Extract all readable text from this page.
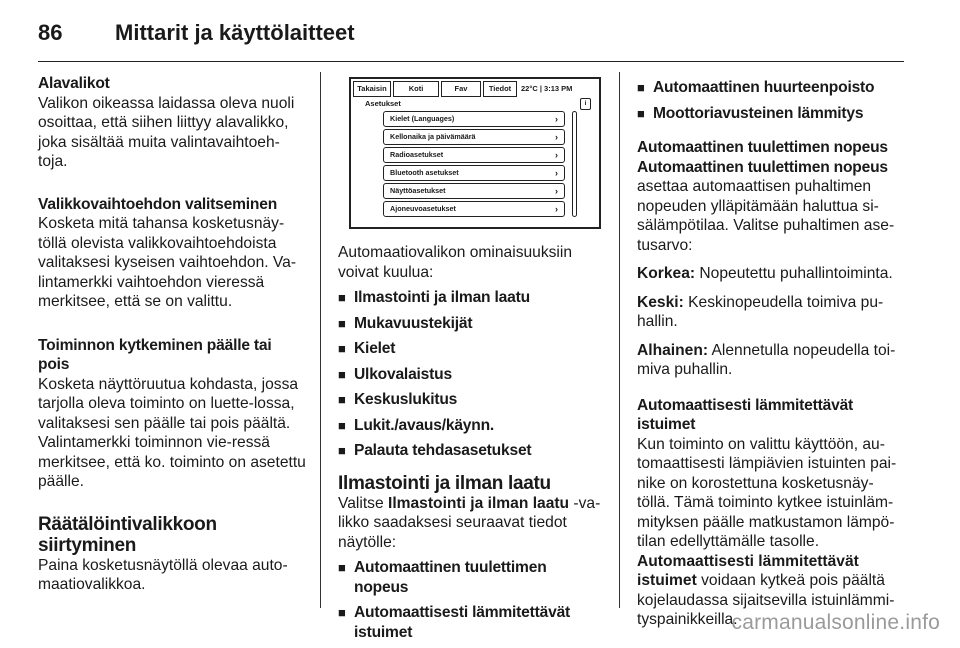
86 Mittarit ja käyttölaitteet

Alavalikot

Valikon oikeassa laidassa oleva nuoli osoittaa, että siihen liittyy alavalikko, joka sisältää muita valintavaihtoeh-toja.

Valikkovaihtoehdon valitseminen

Kosketa mitä tahansa kosketusnäy-töllä olevista valikkovaihtoehdoista valitaksesi kyseisen vaihtoehdon. Va-lintamerkki vaihtoehdon vieressä merkitsee, että se on valittu.

Toiminnon kytkeminen päälle tai pois

Kosketa näyttöruutua kohdasta, jossa tarjolla oleva toiminto on luette-lossa, valitaksesi sen päälle tai pois päältä. Valintamerkki toiminnon vie-ressä merkitsee, että ko. toiminto on asetettu päälle.

Räätälöintivalikkoon siirtyminen

Paina kosketusnäytöllä olevaa auto-maatiovalikkoa.

Takaisin	Koti	Fav	Tiedot	22°C | 3:13 PM
Asetukset	i
Kielet (Languages)	›
Kellonaika ja päivämäärä	›
Radioasetukset	›
Bluetooth asetukset	›
Näyttöasetukset	›
Ajoneuvoasetukset	›

Automaatiovalikon ominaisuuksiin voivat kuulua:

■ Ilmastointi ja ilman laatu
■ Mukavuustekijät
■ Kielet
■ Ulkovalaistus
■ Keskuslukitus
■ Lukit./avaus/käynn.
■ Palauta tehdasasetukset

Ilmastointi ja ilman laatu

Valitse Ilmastointi ja ilman laatu -va-likko saadaksesi seuraavat tiedot näytölle:

■ Automaattinen tuulettimen nopeus
■ Automaattisesti lämmitettävät istuimet
■ Automaattinen huurteenpoisto
■ Moottoriavusteinen lämmitys

Automaattinen tuulettimen nopeus

Automaattinen tuulettimen nopeus

asettaa automaattisen puhaltimen nopeuden ylläpitämään haluttua si-sälämpötilaa. Valitse puhaltimen ase-tusarvo:

Korkea: Nopeutettu puhallintoiminta.

Keski: Keskinopeudella toimiva pu-hallin.

Alhainen: Alennetulla nopeudella toi-miva puhallin.

Automaattisesti lämmitettävät istuimet

Kun toiminto on valittu käyttöön, au-tomaattisesti lämpiävien istuinten pai-nike on korostettuna kosketusnäy-töllä. Tämä toiminto kytkee istuinläm-mityksen päälle matkustamon lämpö-tilan edellyttämälle tasolle.

Automaattisesti lämmitettävät istuimet voidaan kytkeä pois päältä kojelaudassa sijaitsevilla istuinlämmi-tyspainikkeilla.

carmanualsonline.info
